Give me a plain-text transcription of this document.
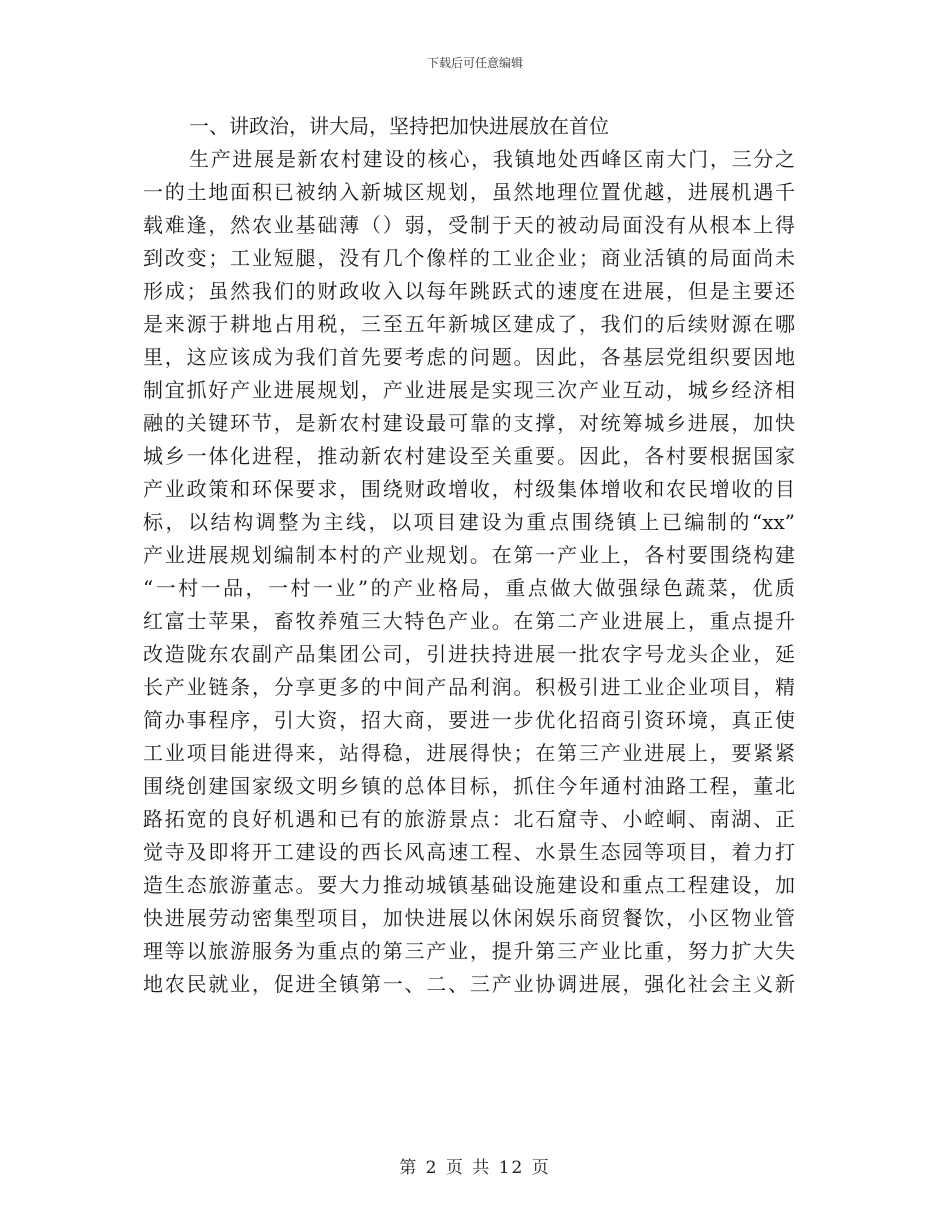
下载后可任意编辑
一、讲政治，讲大局，坚持把加快进展放在首位
生产进展是新农村建设的核心，我镇地处西峰区南大门，三分之
一的土地面积已被纳入新城区规划，虽然地理位置优越，进展机遇千
载难逢，然农业基础薄（）弱，受制于天的被动局面没有从根本上得
到改变；工业短腿，没有几个像样的工业企业；商业活镇的局面尚未
形成；虽然我们的财政收入以每年跳跃式的速度在进展，但是主要还
是来源于耕地占用税，三至五年新城区建成了，我们的后续财源在哪
里，这应该成为我们首先要考虑的问题。因此，各基层党组织要因地
制宜抓好产业进展规划，产业进展是实现三次产业互动，城乡经济相
融的关键环节，是新农村建设最可靠的支撑，对统筹城乡进展，加快
城乡一体化进程，推动新农村建设至关重要。因此，各村要根据国家
产业政策和环保要求，围绕财政增收，村级集体增收和农民增收的目
标，以结构调整为主线，以项目建设为重点围绕镇上已编制的“xx”
产业进展规划编制本村的产业规划。在第一产业上，各村要围绕构建
“一村一品，一村一业”的产业格局，重点做大做强绿色蔬菜，优质
红富士苹果，畜牧养殖三大特色产业。在第二产业进展上，重点提升
改造陇东农副产品集团公司，引进扶持进展一批农字号龙头企业，延
长产业链条，分享更多的中间产品利润。积极引进工业企业项目，精
简办事程序，引大资，招大商，要进一步优化招商引资环境，真正使
工业项目能进得来，站得稳，进展得快；在第三产业进展上，要紧紧
围绕创建国家级文明乡镇的总体目标，抓住今年通村油路工程，董北
路拓宽的良好机遇和已有的旅游景点：北石窟寺、小崆峒、南湖、正
觉寺及即将开工建设的西长风高速工程、水景生态园等项目，着力打
造生态旅游董志。要大力推动城镇基础设施建设和重点工程建设，加
快进展劳动密集型项目，加快进展以休闲娱乐商贸餐饮，小区物业管
理等以旅游服务为重点的第三产业，提升第三产业比重，努力扩大失
地农民就业，促进全镇第一、二、三产业协调进展，强化社会主义新
第 2 页 共 12 页
